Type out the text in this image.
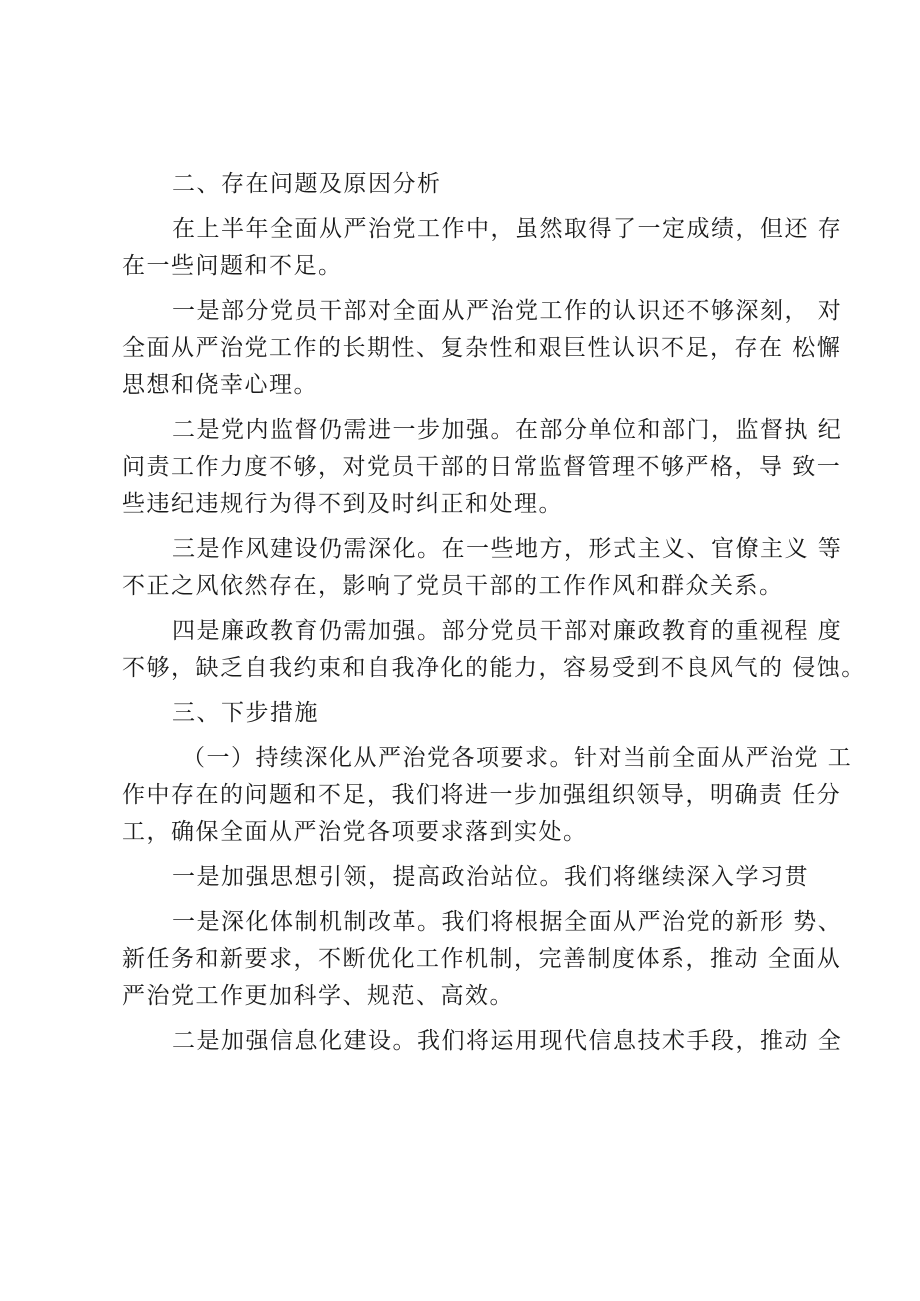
二、存在问题及原因分析

在上半年全面从严治党工作中，虽然取得了一定成绩，但还 存
在一些问题和不足。

一是部分党员干部对全面从严治党工作的认识还不够深刻， 对
全面从严治党工作的长期性、复杂性和艰巨性认识不足，存在 松懈
思想和侥幸心理。

二是党内监督仍需进一步加强。在部分单位和部门，监督执 纪
问责工作力度不够，对党员干部的日常监督管理不够严格，导 致一
些违纪违规行为得不到及时纠正和处理。

三是作风建设仍需深化。在一些地方，形式主义、官僚主义 等
不正之风依然存在，影响了党员干部的工作作风和群众关系。

四是廉政教育仍需加强。部分党员干部对廉政教育的重视程 度
不够，缺乏自我约束和自我净化的能力，容易受到不良风气的 侵蚀。

三、下步措施

（一）持续深化从严治党各项要求。针对当前全面从严治党 工
作中存在的问题和不足，我们将进一步加强组织领导，明确责 任分
工，确保全面从严治党各项要求落到实处。

一是加强思想引领，提高政治站位。我们将继续深入学习贯

一是深化体制机制改革。我们将根据全面从严治党的新形 势、
新任务和新要求，不断优化工作机制，完善制度体系，推动 全面从
严治党工作更加科学、规范、高效。

二是加强信息化建设。我们将运用现代信息技术手段，推动 全
